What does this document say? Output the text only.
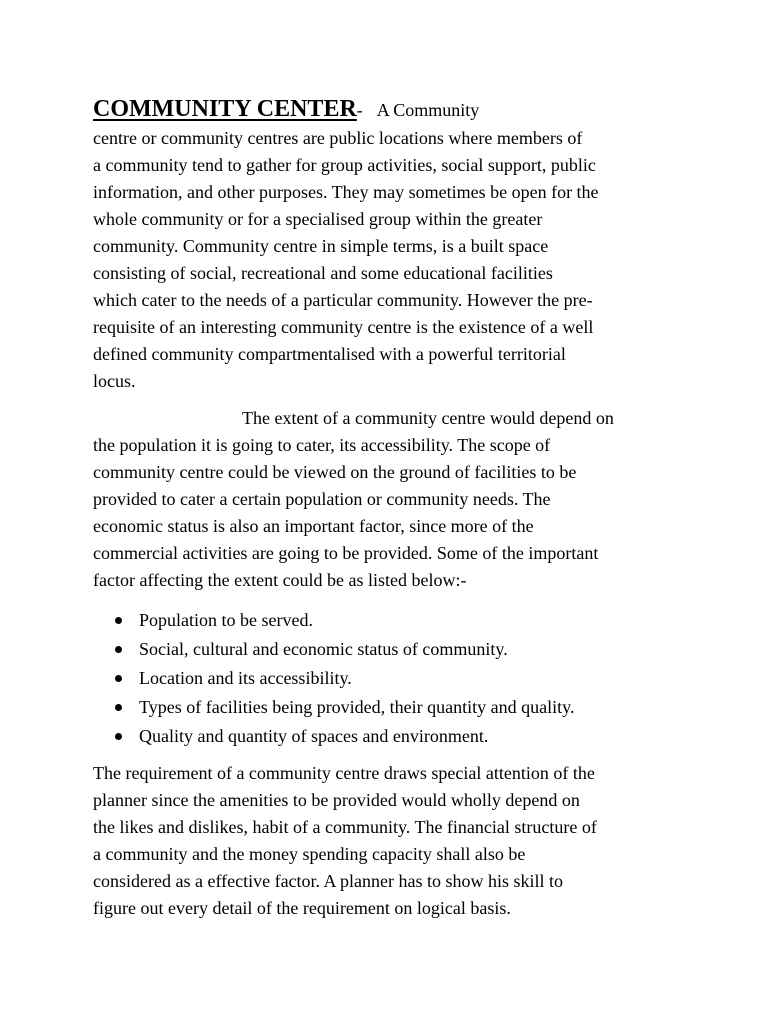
COMMUNITY CENTER- A Community
centre or community centres are public locations where members of
a community tend to gather for group activities, social support, public
information, and other purposes. They may sometimes be open for the
whole community or for a specialised group within the greater
community. Community centre in simple terms, is a built space
consisting of social, recreational and some educational facilities
which cater to the needs of a particular community. However the pre-
requisite of an interesting community centre is the existence of a well
defined community compartmentalised with a powerful territorial
locus.
The extent of a community centre would depend on
the population it is going to cater, its accessibility. The scope of
community centre could be viewed on the ground of facilities to be
provided to cater a certain population or community needs. The
economic status is also an important factor, since more of the
commercial activities are going to be provided. Some of the important
factor affecting the extent could be as listed below:-
Population to be served.
Social, cultural and economic status of community.
Location and its accessibility.
Types of facilities being provided, their quantity and quality.
Quality and quantity of spaces and environment.
The requirement of a community centre draws special attention of the
planner since the amenities to be provided would wholly depend on
the likes and dislikes, habit of a community. The financial structure of
a community and the money spending capacity shall also be
considered as a effective factor. A planner has to show his skill to
figure out every detail of the requirement on logical basis.
